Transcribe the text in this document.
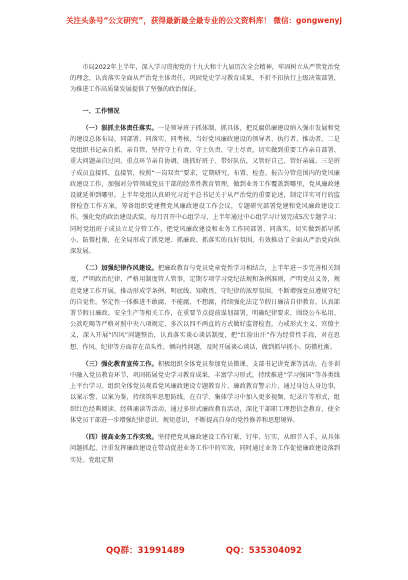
关注头条号“公文研究”，获得最新最全最专业的公文资料库！ 微信：gongwenyj

市局2022年上半年，深入学习贯彻党的十九大和十九届历次全会精神，牢固树立从严管党治党的理念，认真落实全面从严治党主体责任，巩固党史学习教育成果，不折不扣执行上级决策部署，为推进工作高质量发展提供了坚强的政治保证。

一、工作情况

（一）狠抓主体责任落实。一是领导班子抓体制、抓具体，把反腐倡廉建设纳入强市发展和党的建设总体布局，同部署、同落实、同考核，当好党风廉政建设的领导者、执行者、推动者。二是党组织书记亲自抓、亲自管，坚持守土有责、守土负责、守土尽责，切实做到重要工作亲自部署、重大问题亲自过问、重点环节亲自协调，既抓好班子、带好队伍，又管好自己、管好亲属。三是班子成员直接抓、直接管，按照“一岗双责”要求，定期研究、布置、检查、报告分管范围内的党风廉政建设工作，加强对分管领域党员干部的经常性教育管理，做到业务工作覆盖到哪里，党风廉政建设就延伸到哪里。上半年党组认真研究习近平总书记关于从严治党的重要论述，制定详实可行的监督检查工作方案，筹备组织党建暨党风廉政建设工作会议，专题研究部署党建和党风廉政建设工作。强化党的政治建设武装，每月召开中心组学习，上半年通过中心组学习计划完成5次专题学习；同时党组班子成员立足分管工作，把党风廉政建设和业务工作同部署、同落实，切实做到抓早抓小、防微杜渐，在全局形成了抓党建、抓廉政、抓落实的良好氛围，有效推动了全面从严治党向纵深发展。

（二）加强纪律作风建设。把廉政教育与党员党章党性学习相结合，上半年进一步完善相关制度，严明政治纪律，严格用制度管人管事，定期专项学习党纪法规和条例准则，严明党员义务，规范党建工作开展，推动形成学条例、明底线、知敬畏、守纪律的浓厚氛围，不断增强党员遵规守纪的自觉性。坚定性一体推进不敢腐、不能腐、不想腐，持续强化法定节假日廉洁自律教育，认真部署节假日廉政、安全生产等相关工作，在重要节点提前谋划部署，明确纪律要求，围绕公车私用、公款吃喝等严格对照中央八项规定，多次以四不两直的方式做好监督检查，力戒形式主义、官僚主义，深入开展“四风”问题整治，认真落实谈心谈话制度，把“红脸出汗”作为经常性手段，对在思想、作风、纪律等方面存在苗头性、倾向性问题，及时开展谈心谈话，做到抓早抓小、防微杜渐。

（三）强化教育宣传工作。积极组织全体党员参加党员微课、支部书记讲党课等活动，在冬训中融入党员教育环节，巩固拓展党史学习教育成果，丰富学习形式，持续推进“学习强国”等各类线上平台学习。组织全体党员观看党风廉政建设专题教育片、廉政教育警示片，通过身边人身边事，以案示警、以案为鉴，持续筑牢思想防线，在自学、集体学习中加入更多视频、纪录片等形式，组织红色经典阅读、经典诵读等活动，通过多形式廉政教育活动，深化干部职工理想信念教育，使全体党员干部进一步增强纪律意识、规矩意识，不断提高自身的党性修养和思想境界。

（四）提高业务工作实效。坚持把党风廉政建设工作钉紧、钉牢、钉实，从细节入手，从具体问题抓起，注重发挥廉政建设在带动促进业务工作中的实效，同时通过业务工作促使廉政建设落到实处。党组定期

QQ群：31991489	QQ：535304092
